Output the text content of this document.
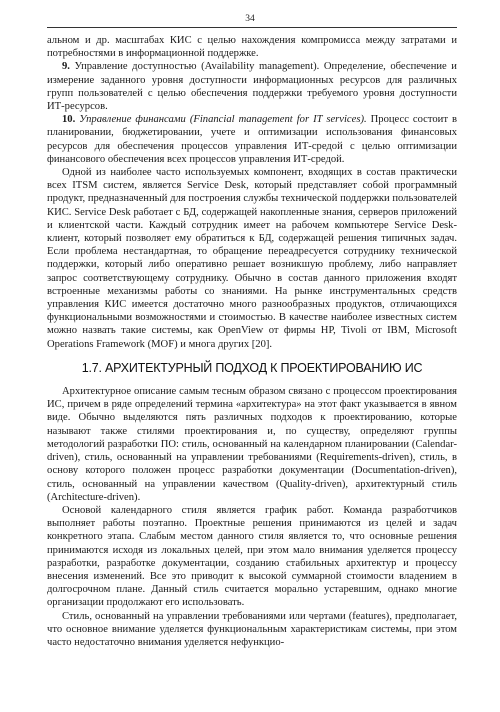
34

альном и др. масштабах КИС с целью нахождения компромисса между затратами и потребностями в информационной поддержке.

9. Управление доступностью (Availability management). Определение, обеспечение и измерение заданного уровня доступности информационных ресурсов для различных групп пользователей с целью обеспечения поддержки требуемого уровня доступности ИТ-ресурсов.

10. Управление финансами (Financial management for IT services). Процесс состоит в планировании, бюджетировании, учете и оптимизации использования финансовых ресурсов для обеспечения процессов управления ИТ-средой с целью оптимизации финансового обеспечения всех процессов управления ИТ-средой.

Одной из наиболее часто используемых компонент, входящих в состав практически всех ITSM систем, является Service Desk, который представляет собой программный продукт, предназначенный для построения службы технической поддержки пользователей КИС. Service Desk работает с БД, содержащей накопленные знания, серверов приложений и клиентской части. Каждый сотрудник имеет на рабочем компьютере Service Desk-клиент, который позволяет ему обратиться к БД, содержащей решения типичных задач. Если проблема нестандартная, то обращение переадресуется сотруднику технической поддержки, который либо оперативно решает возникшую проблему, либо направляет запрос соответствующему сотруднику. Обычно в состав данного приложения входят встроенные механизмы работы со знаниями. На рынке инструментальных средств управления КИС имеется достаточно много разнообразных продуктов, отличающихся функциональными возможностями и стоимостью. В качестве наиболее известных систем можно назвать такие системы, как OpenView от фирмы HP, Tivoli от IBM, Microsoft Operations Framework (MOF) и многа других [20].

1.7. АРХИТЕКТУРНЫЙ ПОДХОД К ПРОЕКТИРОВАНИЮ ИС

Архитектурное описание самым тесным образом связано с процессом проектирования ИС, причем в ряде определений термина «архитектура» на этот факт указывается в явном виде. Обычно выделяются пять различных подходов к проектированию, которые называют также стилями проектирования и, по существу, определяют группы методологий разработки ПО: стиль, основанный на календарном планировании (Calendar-driven), стиль, основанный на управлении требованиями (Requirements-driven), стиль, в основу которого положен процесс разработки документации (Documentation-driven), стиль, основанный на управлении качеством (Quality-driven), архитектурный стиль (Architecture-driven).

Основой календарного стиля является график работ. Команда разработчиков выполняет работы поэтапно. Проектные решения принимаются из целей и задач конкретного этапа. Слабым местом данного стиля является то, что основные решения принимаются исходя из локальных целей, при этом мало внимания уделяется процессу разработки, разработке документации, созданию стабильных архитектур и процессу внесения изменений. Все это приводит к высокой суммарной стоимости владением в долгосрочном плане. Данный стиль считается морально устаревшим, однако многие организации продолжают его использовать.

Стиль, основанный на управлении требованиями или чертами (features), предполагает, что основное внимание уделяется функциональным характеристикам системы, при этом часто недостаточно внимания уделяется нефункцио-
